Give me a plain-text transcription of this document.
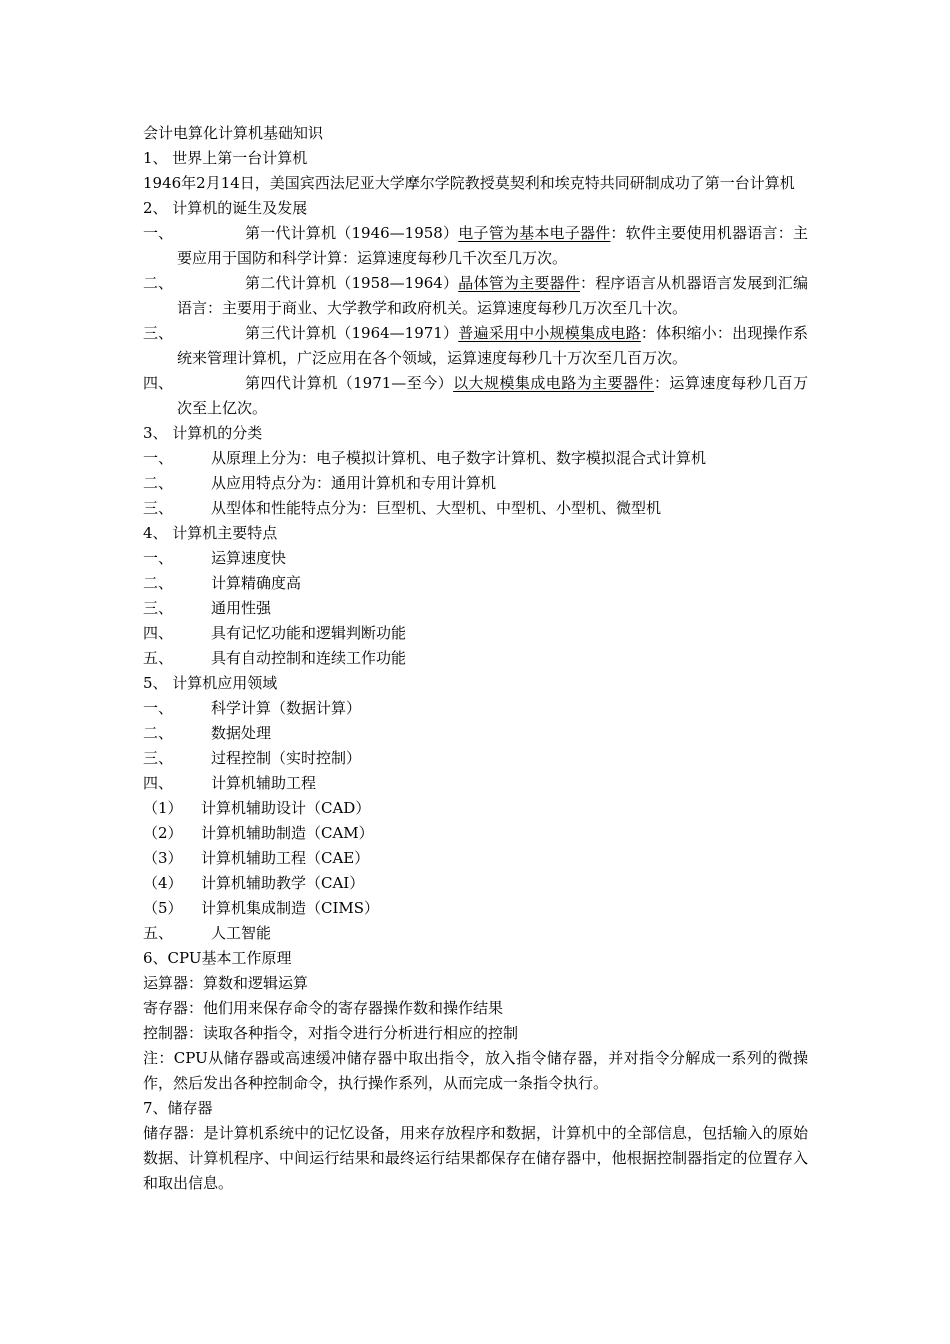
会计电算化计算机基础知识
1、 世界上第一台计算机
1946年2月14日，美国宾西法尼亚大学摩尔学院教授莫契利和埃克特共同研制成功了第一台计算机
2、 计算机的诞生及发展
一、	第一代计算机（1946—1958）电子管为基本电子器件：软件主要使用机器语言：主要应用于国防和科学计算：运算速度每秒几千次至几万次。
二、	第二代计算机（1958—1964）晶体管为主要器件：程序语言从机器语言发展到汇编语言：主要用于商业、大学教学和政府机关。运算速度每秒几万次至几十次。
三、	第三代计算机（1964—1971）普遍采用中小规模集成电路：体积缩小：出现操作系统来管理计算机，广泛应用在各个领域，运算速度每秒几十万次至几百万次。
四、	第四代计算机（1971—至今）以大规模集成电路为主要器件：运算速度每秒几百万次至上亿次。
3、 计算机的分类
一、	从原理上分为：电子模拟计算机、电子数字计算机、数字模拟混合式计算机
二、	从应用特点分为：通用计算机和专用计算机
三、	从型体和性能特点分为：巨型机、大型机、中型机、小型机、微型机
4、 计算机主要特点
一、	运算速度快
二、	计算精确度高
三、	通用性强
四、	具有记忆功能和逻辑判断功能
五、	具有自动控制和连续工作功能
5、 计算机应用领域
一、	科学计算（数据计算）
二、	数据处理
三、	过程控制（实时控制）
四、	计算机辅助工程
（1）	计算机辅助设计（CAD）
（2）	计算机辅助制造（CAM）
（3）	计算机辅助工程（CAE）
（4）	计算机辅助教学（CAI）
（5）	计算机集成制造（CIMS）
五、	人工智能
6、CPU基本工作原理
运算器：算数和逻辑运算
寄存器：他们用来保存命令的寄存器操作数和操作结果
控制器：读取各种指令，对指令进行分析进行相应的控制
注：CPU从储存器或高速缓冲储存器中取出指令，放入指令储存器，并对指令分解成一系列的微操作，然后发出各种控制命令，执行操作系列，从而完成一条指令执行。
7、储存器
储存器：是计算机系统中的记忆设备，用来存放程序和数据，计算机中的全部信息，包括输入的原始数据、计算机程序、中间运行结果和最终运行结果都保存在储存器中，他根据控制器指定的位置存入和取出信息。
